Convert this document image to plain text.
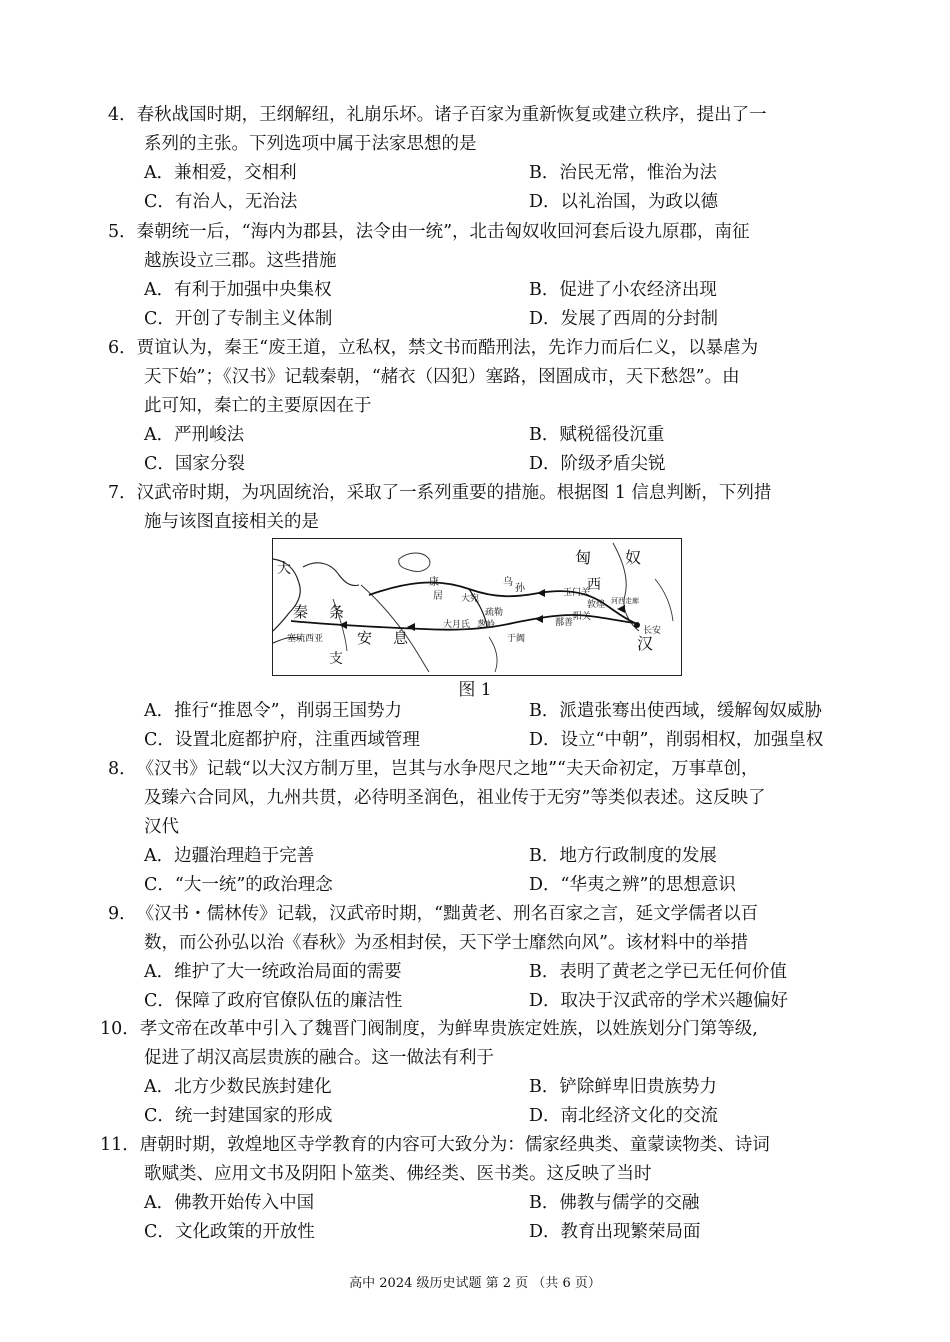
4．春秋战国时期，王纲解纽，礼崩乐坏。诸子百家为重新恢复或建立秩序，提出了一

系列的主张。下列选项中属于法家思想的是

A．兼相爱，交相利	B．治民无常，惟治为法
C．有治人，无治法	D．以礼治国，为政以德

5．秦朝统一后，“海内为郡县，法令由一统”，北击匈奴收回河套后设九原郡，南征

越族设立三郡。这些措施

A．有利于加强中央集权	B．促进了小农经济出现
C．开创了专制主义体制	D．发展了西周的分封制

6．贾谊认为，秦王“废王道，立私权，禁文书而酷刑法，先诈力而后仁义，以暴虐为

天下始”；《汉书》记载秦朝，“赭衣（囚犯）塞路，囹圄成市，天下愁怨”。由

此可知，秦亡的主要原因在于

A．严刑峻法	B．赋税徭役沉重
C．国家分裂	D．阶级矛盾尖锐

7．汉武帝时期，为巩固统治，采取了一系列重要的措施。根据图 1 信息判断，下列措

施与该图直接相关的是

匈 奴
西
大
秦 条
支
安 息	汉
康
居
乌
孙
大宛
疏勒
葱岭
大月氏
于阗
玉门关
敦煌 河西走廊
阳关
鄯善
长安
塞琉西亚
图 1
A．推行“推恩令”，削弱王国势力	B．派遣张骞出使西域，缓解匈奴威胁
C．设置北庭都护府，注重西域管理	D．设立“中朝”，削弱相权，加强皇权

8．《汉书》记载“以大汉方制万里，岂其与水争咫尺之地”“夫天命初定，万事草创，

及臻六合同风，九州共贯，必待明圣润色，祖业传于无穷”等类似表述。这反映了

汉代

A．边疆治理趋于完善	B．地方行政制度的发展
C．“大一统”的政治理念	D．“华夷之辨”的思想意识

9．《汉书・儒林传》记载，汉武帝时期，“黜黄老、刑名百家之言，延文学儒者以百

数，而公孙弘以治《春秋》为丞相封侯，天下学士靡然向风”。该材料中的举措

A．维护了大一统政治局面的需要	B．表明了黄老之学已无任何价值
C．保障了政府官僚队伍的廉洁性	D．取决于汉武帝的学术兴趣偏好

10．孝文帝在改革中引入了魏晋门阀制度，为鲜卑贵族定姓族，以姓族划分门第等级,

促进了胡汉高层贵族的融合。这一做法有利于

A．北方少数民族封建化	B．铲除鲜卑旧贵族势力
C．统一封建国家的形成	D．南北经济文化的交流

11．唐朝时期，敦煌地区寺学教育的内容可大致分为：儒家经典类、童蒙读物类、诗词

歌赋类、应用文书及阴阳卜筮类、佛经类、医书类。这反映了当时

A．佛教开始传入中国	B．佛教与儒学的交融
C．文化政策的开放性	D．教育出现繁荣局面
高中 2024 级历史试题 第 2 页 （共 6 页）
